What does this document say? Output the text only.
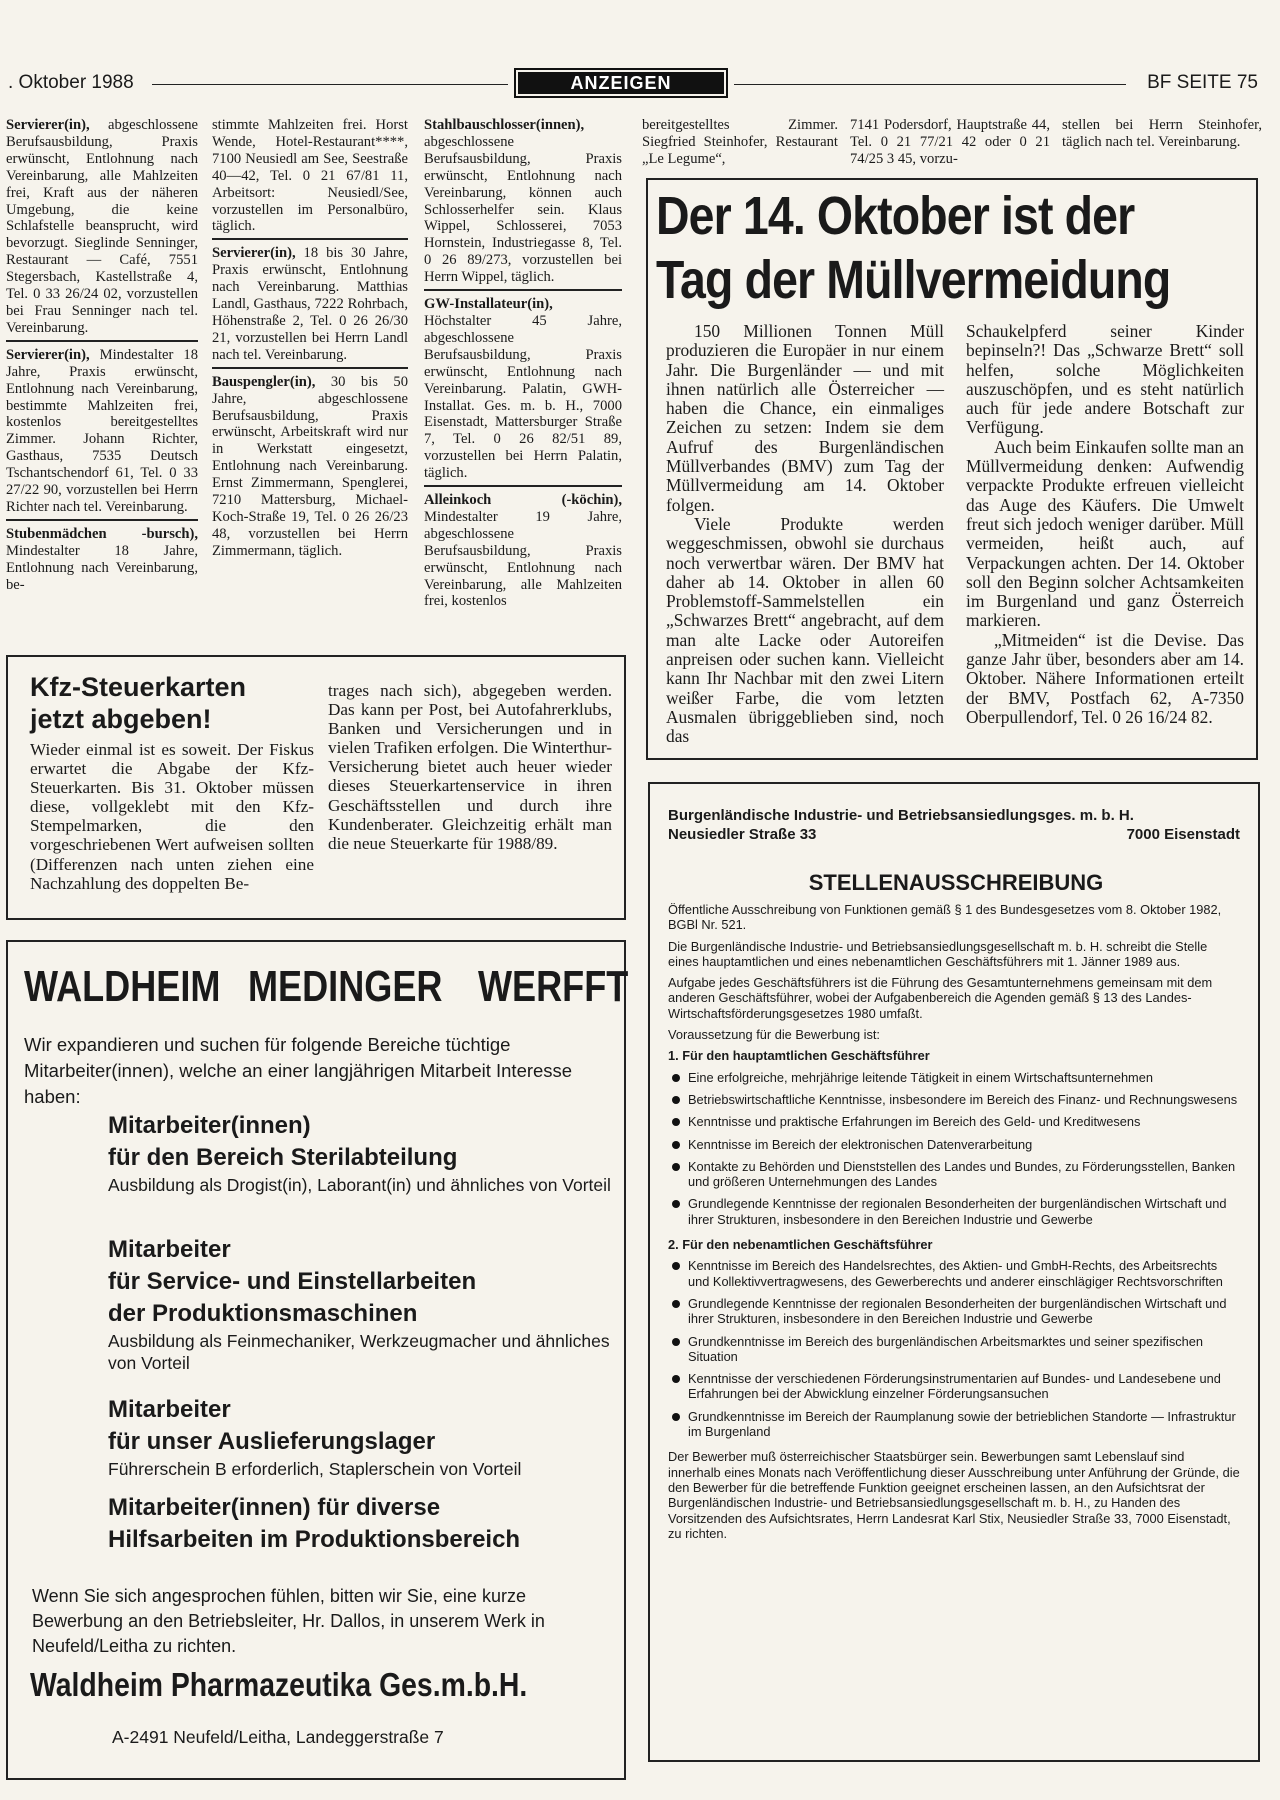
. Oktober 1988	ANZEIGEN	BF SEITE 75

Servierer(in), abgeschlossene Berufsausbildung, Praxis erwünscht, Entlohnung nach Vereinbarung, alle Mahlzeiten frei, Kraft aus der näheren Umgebung, die keine Schlafstelle beansprucht, wird bevorzugt. Sieglinde Senninger, Restaurant — Café, 7551 Stegersbach, Kastellstraße 4, Tel. 0 33 26/24 02, vorzustellen bei Frau Senninger nach tel. Vereinbarung.

Servierer(in), Mindestalter 18 Jahre, Praxis erwünscht, Entlohnung nach Vereinbarung, bestimmte Mahlzeiten frei, kostenlos bereitgestelltes Zimmer. Johann Richter, Gasthaus, 7535 Deutsch Tschantschendorf 61, Tel. 0 33 27/22 90, vorzustellen bei Herrn Richter nach tel. Vereinbarung.

Stubenmädchen -bursch), Mindestalter 18 Jahre, Entlohnung nach Vereinbarung, be-

stimmte Mahlzeiten frei. Horst Wende, Hotel-Restaurant****, 7100 Neusiedl am See, Seestraße 40—42, Tel. 0 21 67/81 11, Arbeitsort: Neusiedl/See, vorzustellen im Personalbüro, täglich.

Servierer(in), 18 bis 30 Jahre, Praxis erwünscht, Entlohnung nach Vereinbarung. Matthias Landl, Gasthaus, 7222 Rohrbach, Höhenstraße 2, Tel. 0 26 26/30 21, vorzustellen bei Herrn Landl nach tel. Vereinbarung.

Bauspengler(in), 30 bis 50 Jahre, abgeschlossene Berufsausbildung, Praxis erwünscht, Arbeitskraft wird nur in Werkstatt eingesetzt, Entlohnung nach Vereinbarung. Ernst Zimmermann, Spenglerei, 7210 Mattersburg, Michael-Koch-Straße 19, Tel. 0 26 26/23 48, vorzustellen bei Herrn Zimmermann, täglich.

Stahlbauschlosser(innen), abgeschlossene Berufsausbildung, Praxis erwünscht, Entlohnung nach Vereinbarung, können auch Schlosserhelfer sein. Klaus Wippel, Schlosserei, 7053 Hornstein, Industriegasse 8, Tel. 0 26 89/273, vorzustellen bei Herrn Wippel, täglich.

GW-Installateur(in), Höchstalter 45 Jahre, abgeschlossene Berufsausbildung, Praxis erwünscht, Entlohnung nach Vereinbarung. Palatin, GWH-Installat. Ges. m. b. H., 7000 Eisenstadt, Mattersburger Straße 7, Tel. 0 26 82/51 89, vorzustellen bei Herrn Palatin, täglich.

Alleinkoch (-köchin), Mindestalter 19 Jahre, abgeschlossene Berufsausbildung, Praxis erwünscht, Entlohnung nach Vereinbarung, alle Mahlzeiten frei, kostenlos

bereitgestelltes Zimmer. Siegfried Steinhofer, Restaurant „Le Legume“,
7141 Podersdorf, Hauptstraße 44, Tel. 0 21 77/21 42 oder 0 21 74/25 3 45, vorzu-
stellen bei Herrn Steinhofer, täglich nach tel. Vereinbarung.
Der 14. Oktober ist der
Tag der Müllvermeidung

150 Millionen Tonnen Müll produzieren die Europäer in nur einem Jahr. Die Burgenländer — und mit ihnen natürlich alle Österreicher — haben die Chance, ein einmaliges Zeichen zu setzen: Indem sie dem Aufruf des Burgenländischen Müllverbandes (BMV) zum Tag der Müllvermeidung am 14. Oktober folgen.

Viele Produkte werden weggeschmissen, obwohl sie durchaus noch verwertbar wären. Der BMV hat daher ab 14. Oktober in allen 60 Problemstoff-Sammelstellen ein „Schwarzes Brett“ angebracht, auf dem man alte Lacke oder Autoreifen anpreisen oder suchen kann. Vielleicht kann Ihr Nachbar mit den zwei Litern weißer Farbe, die vom letzten Ausmalen übriggeblieben sind, noch das

Schaukelpferd seiner Kinder bepinseln?! Das „Schwarze Brett“ soll helfen, solche Möglichkeiten auszuschöpfen, und es steht natürlich auch für jede andere Botschaft zur Verfügung.

Auch beim Einkaufen sollte man an Müllvermeidung denken: Aufwendig verpackte Produkte erfreuen vielleicht das Auge des Käufers. Die Umwelt freut sich jedoch weniger darüber. Müll vermeiden, heißt auch, auf Verpackungen achten. Der 14. Oktober soll den Beginn solcher Achtsamkeiten im Burgenland und ganz Österreich markieren.

„Mitmeiden“ ist die Devise. Das ganze Jahr über, besonders aber am 14. Oktober. Nähere Informationen erteilt der BMV, Postfach 62, A-7350 Oberpullendorf, Tel. 0 26 16/24 82.

Kfz-Steuerkarten
jetzt abgeben!
Wieder einmal ist es soweit. Der Fiskus erwartet die Abgabe der Kfz-Steuerkarten. Bis 31. Oktober müssen diese, vollgeklebt mit den Kfz-Stempelmarken, die den vorgeschriebenen Wert aufweisen sollten (Differenzen nach unten ziehen eine Nachzahlung des doppelten Be-
trages nach sich), abgegeben werden. Das kann per Post, bei Autofahrerklubs, Banken und Versicherungen und in vielen Trafiken erfolgen. Die Winterthur-Versicherung bietet auch heuer wieder dieses Steuerkartenservice in ihren Geschäftsstellen und durch ihre Kundenberater. Gleichzeitig erhält man die neue Steuerkarte für 1988/89.
WALDHEIM MEDINGER WERFFT
Wir expandieren und suchen für folgende Bereiche tüchtige Mitarbeiter(innen), welche an einer langjährigen Mitarbeit Interesse haben:
Mitarbeiter(innen)
für den Bereich Sterilabteilung
Ausbildung als Drogist(in), Laborant(in) und ähnliches von Vorteil
Mitarbeiter
für Service- und Einstellarbeiten
der Produktionsmaschinen
Ausbildung als Feinmechaniker, Werkzeugmacher und ähnliches von Vorteil
Mitarbeiter
für unser Auslieferungslager
Führerschein B erforderlich, Staplerschein von Vorteil
Mitarbeiter(innen) für diverse
Hilfsarbeiten im Produktionsbereich
Wenn Sie sich angesprochen fühlen, bitten wir Sie, eine kurze Bewerbung an den Betriebsleiter, Hr. Dallos, in unserem Werk in Neufeld/Leitha zu richten.
Waldheim Pharmazeutika Ges.m.b.H.
A-2491 Neufeld/Leitha, Landeggerstraße 7
Burgenländische Industrie- und Betriebsansiedlungsges. m. b. H.
Neusiedler Straße 33	7000 Eisenstadt
STELLENAUSSCHREIBUNG

Öffentliche Ausschreibung von Funktionen gemäß § 1 des Bundesgesetzes vom 8. Oktober 1982, BGBl Nr. 521.

Die Burgenländische Industrie- und Betriebsansiedlungsgesellschaft m. b. H. schreibt die Stelle eines hauptamtlichen und eines nebenamtlichen Geschäftsführers mit 1. Jänner 1989 aus.

Aufgabe jedes Geschäftsführers ist die Führung des Gesamtunternehmens gemeinsam mit dem anderen Geschäftsführer, wobei der Aufgabenbereich die Agenden gemäß § 13 des Landes-Wirtschaftsförderungsgesetzes 1980 umfaßt.

Voraussetzung für die Bewerbung ist:

1. Für den hauptamtlichen Geschäftsführer

Eine erfolgreiche, mehrjährige leitende Tätigkeit in einem Wirtschaftsunternehmen
Betriebswirtschaftliche Kenntnisse, insbesondere im Bereich des Finanz- und Rechnungswesens
Kenntnisse und praktische Erfahrungen im Bereich des Geld- und Kreditwesens
Kenntnisse im Bereich der elektronischen Datenverarbeitung
Kontakte zu Behörden und Dienststellen des Landes und Bundes, zu Förderungsstellen, Banken und größeren Unternehmungen des Landes
Grundlegende Kenntnisse der regionalen Besonderheiten der burgenländischen Wirtschaft und ihrer Strukturen, insbesondere in den Bereichen Industrie und Gewerbe

2. Für den nebenamtlichen Geschäftsführer

Kenntnisse im Bereich des Handelsrechtes, des Aktien- und GmbH-Rechts, des Arbeitsrechts und Kollektivvertragwesens, des Gewerberechts und anderer einschlägiger Rechtsvorschriften
Grundlegende Kenntnisse der regionalen Besonderheiten der burgenländischen Wirtschaft und ihrer Strukturen, insbesondere in den Bereichen Industrie und Gewerbe
Grundkenntnisse im Bereich des burgenländischen Arbeitsmarktes und seiner spezifischen Situation
Kenntnisse der verschiedenen Förderungsinstrumentarien auf Bundes- und Landesebene und Erfahrungen bei der Abwicklung einzelner Förderungsansuchen
Grundkenntnisse im Bereich der Raumplanung sowie der betrieblichen Standorte — Infrastruktur im Burgenland

Der Bewerber muß österreichischer Staatsbürger sein. Bewerbungen samt Lebenslauf sind innerhalb eines Monats nach Veröffentlichung dieser Ausschreibung unter Anführung der Gründe, die den Bewerber für die betreffende Funktion geeignet erscheinen lassen, an den Aufsichtsrat der Burgenländischen Industrie- und Betriebsansiedlungsgesellschaft m. b. H., zu Handen des Vorsitzenden des Aufsichtsrates, Herrn Landesrat Karl Stix, Neusiedler Straße 33, 7000 Eisenstadt, zu richten.
